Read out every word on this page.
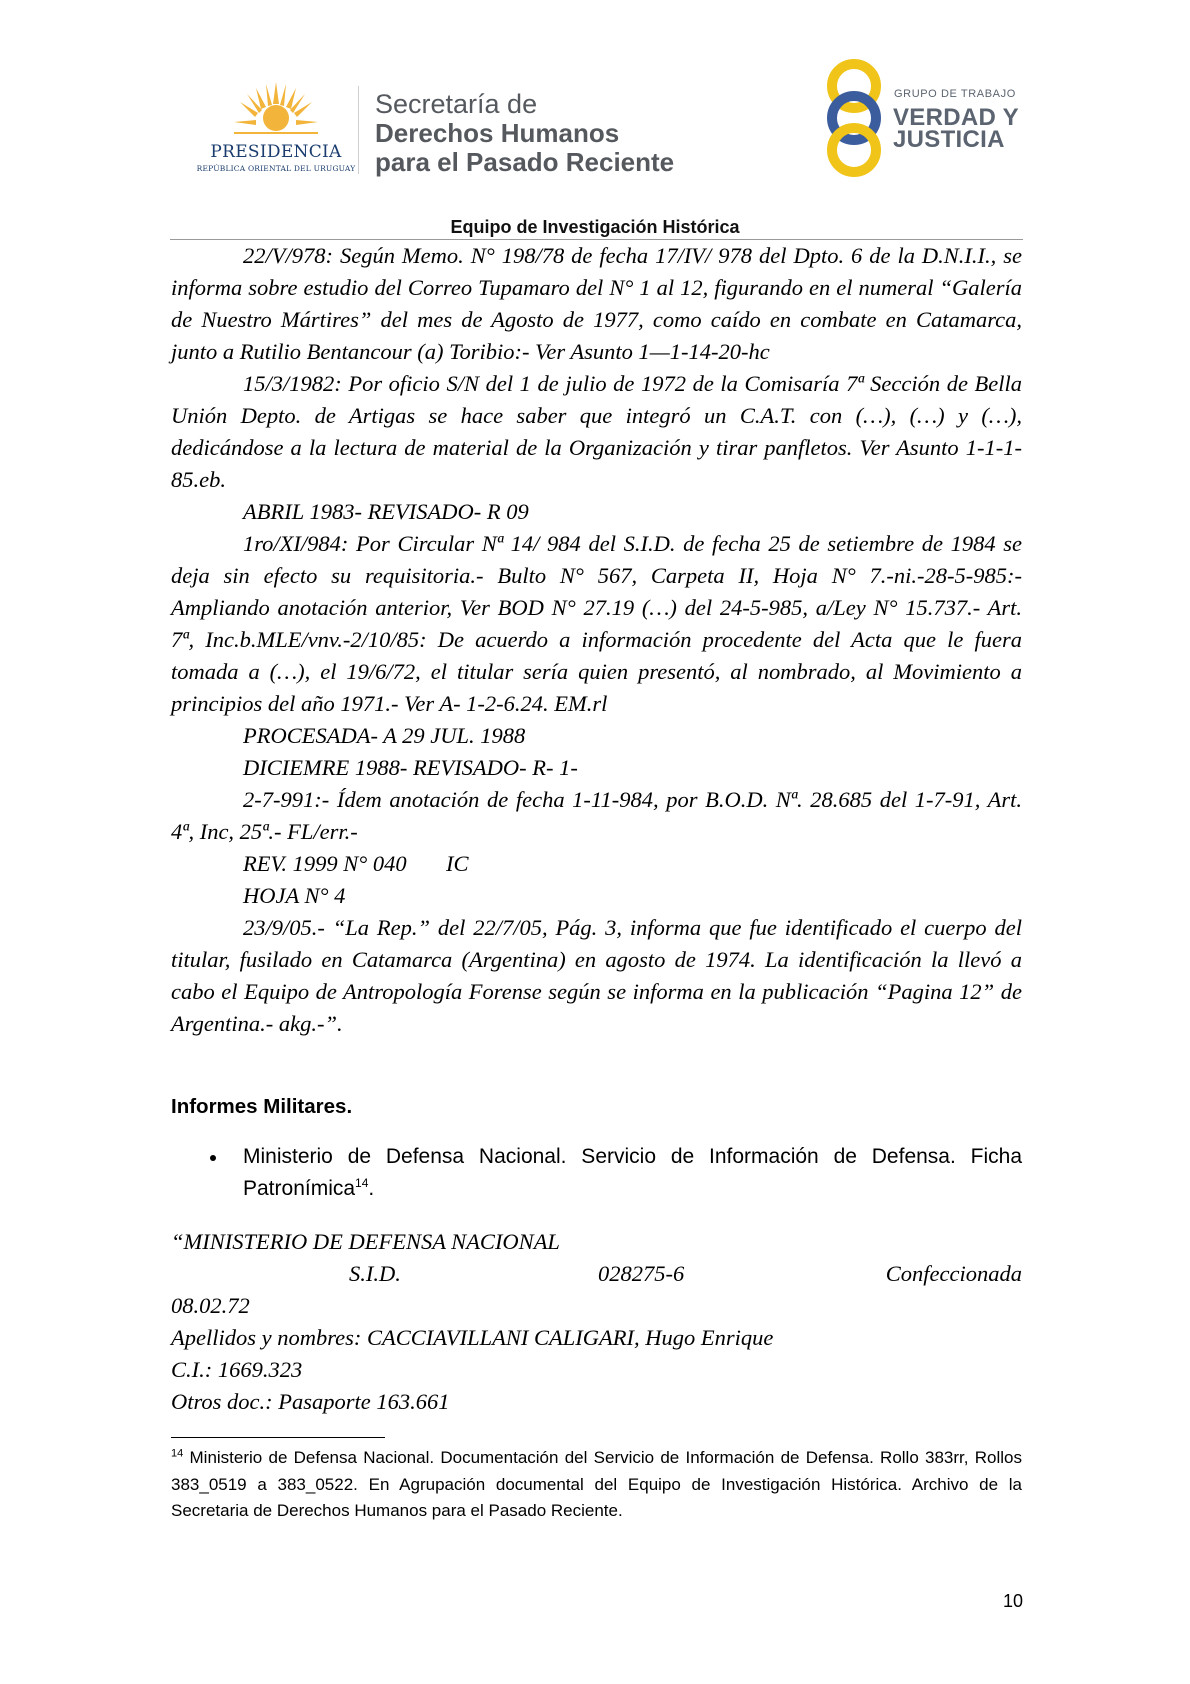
PRESIDENCIA
REPÚBLICA ORIENTAL DEL URUGUAY
Secretaría de
Derechos Humanos
para el Pasado Reciente
GRUPO DE TRABAJO
VERDAD Y
JUSTICIA
Equipo de Investigación Histórica

22/V/978: Según Memo. N° 198/78 de fecha 17/IV/ 978 del Dpto. 6 de la D.N.I.I., se informa sobre estudio del Correo Tupamaro del N° 1 al 12, figurando en el numeral “Galería de Nuestro Mártires” del mes de Agosto de 1977, como caído en combate en Catamarca, junto a Rutilio Bentancour (a) Toribio:- Ver Asunto 1—1-14-20-hc

15/3/1982: Por oficio S/N del 1 de julio de 1972 de la Comisaría 7ª Sección de Bella Unión Depto. de Artigas se hace saber que integró un C.A.T. con (…), (…) y (…), dedicándose a la lectura de material de la Organización y tirar panfletos. Ver Asunto 1-1-1-85.eb.

ABRIL 1983- REVISADO- R 09

1ro/XI/984: Por Circular Nª 14/ 984 del S.I.D. de fecha 25 de setiembre de 1984 se deja sin efecto su requisitoria.- Bulto N° 567, Carpeta II, Hoja N° 7.-ni.-28-5-985:- Ampliando anotación anterior, Ver BOD N° 27.19 (…) del 24-5-985, a/Ley N° 15.737.- Art. 7ª, Inc.b.MLE/vnv.-2/10/85: De acuerdo a información procedente del Acta que le fuera tomada a (…), el 19/6/72, el titular sería quien presentó, al nombrado, al Movimiento a principios del año 1971.- Ver A- 1-2-6.24. EM.rl

PROCESADA- A 29 JUL. 1988

DICIEMRE 1988- REVISADO- R- 1-

2-7-991:- Ídem anotación de fecha 1-11-984, por B.O.D. Nª. 28.685 del 1-7-91, Art. 4ª, Inc, 25ª.- FL/err.-

REV. 1999 N° 040       IC

HOJA N° 4

23/9/05.- “La Rep.” del 22/7/05, Pág. 3, informa que fue identificado el cuerpo del titular, fusilado en Catamarca (Argentina) en agosto de 1974. La identificación la llevó a cabo el Equipo de Antropología Forense según se informa en la publicación “Pagina 12” de Argentina.- akg.-”.

Informes Militares.

Ministerio de Defensa Nacional. Servicio de Información de Defensa. Ficha Patronímica$^{14}$.
“MINISTERIO DE DEFENSA NACIONAL
S.I.D.	028275-6	Confeccionada
08.02.72
Apellidos y nombres: CACCIAVILLANI CALIGARI, Hugo Enrique
C.I.: 1669.323
Otros doc.: Pasaporte 163.661

$^{14}$ Ministerio de Defensa Nacional. Documentación del Servicio de Información de Defensa. Rollo 383rr, Rollos 383_0519 a 383_0522. En Agrupación documental del Equipo de Investigación Histórica. Archivo de la Secretaria de Derechos Humanos para el Pasado Reciente.

10
